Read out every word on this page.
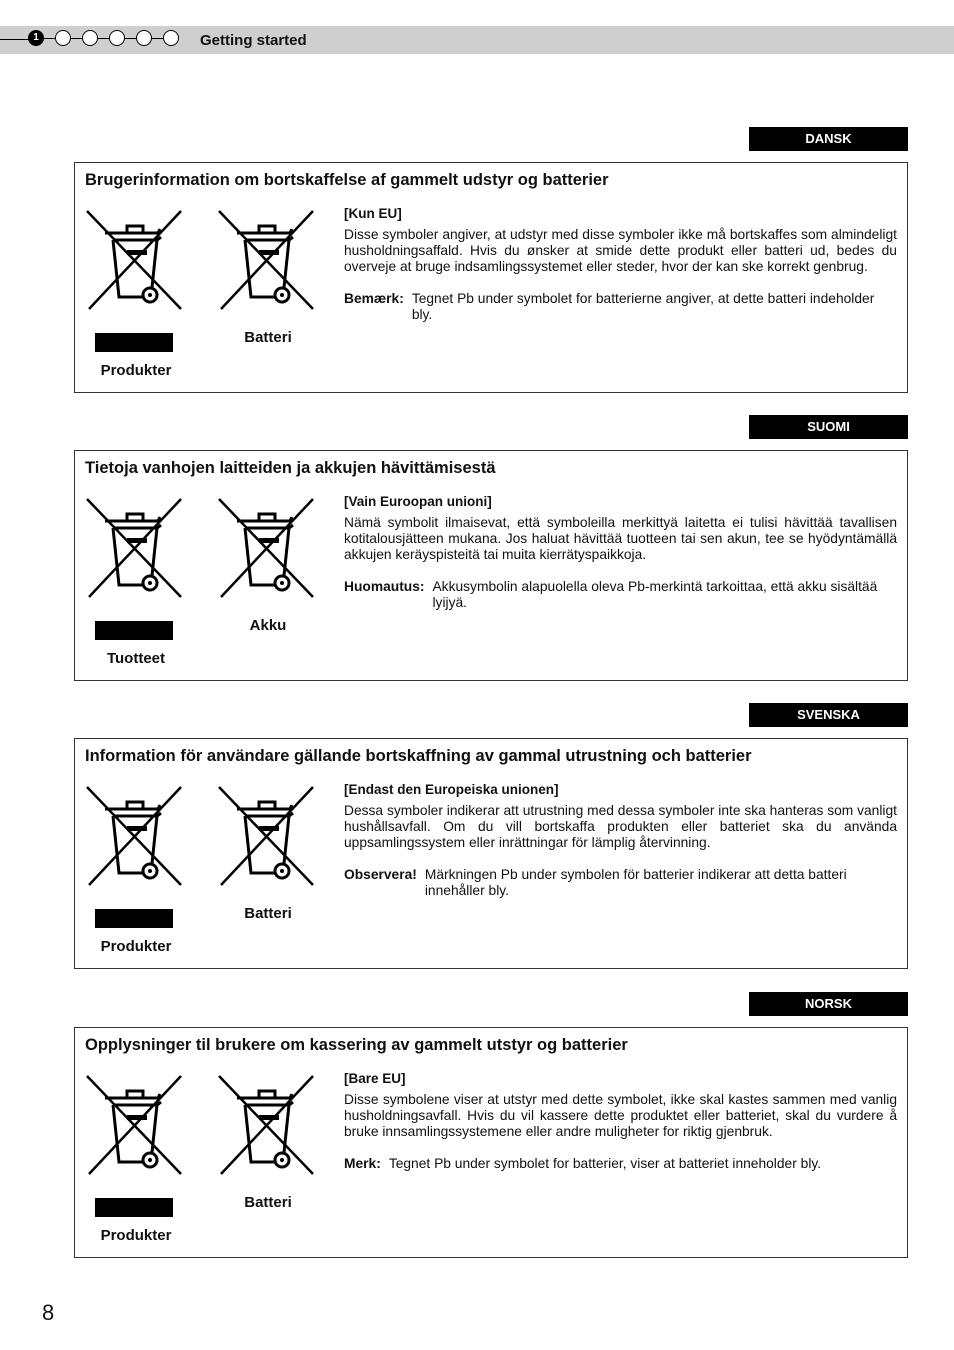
1	Getting started
DANSK
Brugerinformation om bortskaffelse af gammelt udstyr og batterier
Produkter
Batteri
[Kun EU]
Disse symboler angiver, at udstyr med disse symboler ikke må bortskaffes som almindeligt husholdningsaffald. Hvis du ønsker at smide dette produkt eller batteri ud, bedes du overveje at bruge indsamlingssystemet eller steder, hvor der kan ske korrekt genbrug.
Bemærk: Tegnet Pb under symbolet for batterierne angiver, at dette batteri indeholder bly.
SUOMI
Tietoja vanhojen laitteiden ja akkujen hävittämisestä
Tuotteet
Akku
[Vain Euroopan unioni]
Nämä symbolit ilmaisevat, että symboleilla merkittyä laitetta ei tulisi hävittää tavallisen kotitalousjätteen mukana. Jos haluat hävittää tuotteen tai sen akun, tee se hyödyntämällä akkujen keräyspisteitä tai muita kierrätyspaikkoja.
Huomautus: Akkusymbolin alapuolella oleva Pb-merkintä tarkoittaa, että akku sisältää lyijyä.
SVENSKA
Information för användare gällande bortskaffning av gammal utrustning och batterier
Produkter
Batteri
[Endast den Europeiska unionen]
Dessa symboler indikerar att utrustning med dessa symboler inte ska hanteras som vanligt hushållsavfall. Om du vill bortskaffa produkten eller batteriet ska du använda uppsamlingssystem eller inrättningar för lämplig återvinning.
Observera! Märkningen Pb under symbolen för batterier indikerar att detta batteri innehåller bly.
NORSK
Opplysninger til brukere om kassering av gammelt utstyr og batterier
Produkter
Batteri
[Bare EU]
Disse symbolene viser at utstyr med dette symbolet, ikke skal kastes sammen med vanlig husholdningsavfall. Hvis du vil kassere dette produktet eller batteriet, skal du vurdere å bruke innsamlingssystemene eller andre muligheter for riktig gjenbruk.
Merk: Tegnet Pb under symbolet for batterier, viser at batteriet inneholder bly.
8
